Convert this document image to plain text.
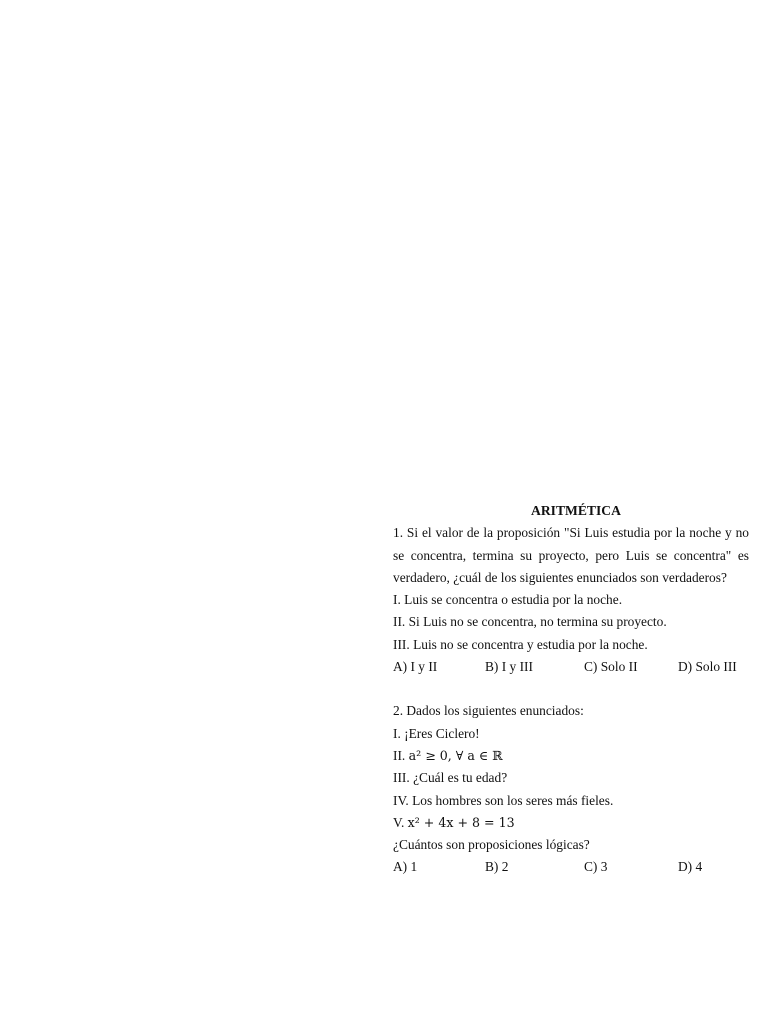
ARITMÉTICA

1. Si el valor de la proposición "Si Luis estudia por la noche y no se concentra, termina su proyecto, pero Luis se concentra" es verdadero, ¿cuál de los siguientes enunciados son verdaderos?

I. Luis se concentra o estudia por la noche.

II. Si Luis no se concentra, no termina su proyecto.

III. Luis no se concentra y estudia por la noche.

A) I y II	B) I y III	C) Solo II	D) Solo III

2. Dados los siguientes enunciados:

I. ¡Eres Ciclero!

II. a² ≥ 0, ∀ a ∈ ℝ

III. ¿Cuál es tu edad?

IV. Los hombres son los seres más fieles.

V. x² + 4x + 8 = 13

¿Cuántos son proposiciones lógicas?

A) 1	B) 2	C) 3	D) 4
